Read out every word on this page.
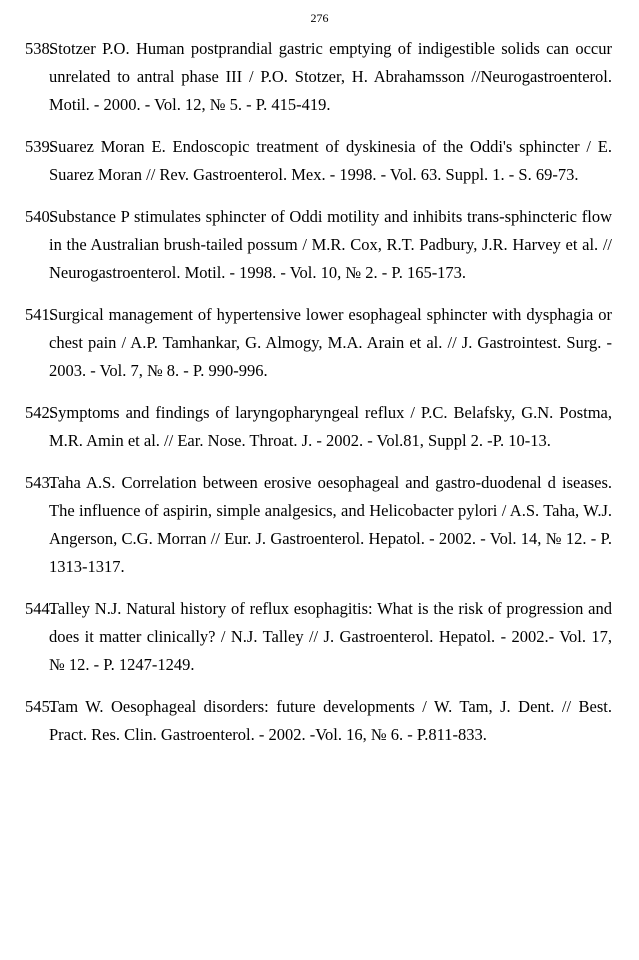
276
538.
Stotzer P.O. Human postprandial gastric emptying of indigestible solids can occur unrelated to antral phase III / P.O. Stotzer, H. Abrahamsson //Neurogastroenterol. Motil. - 2000. - Vol. 12, № 5. - P. 415-419.
539.
Suarez Moran E. Endoscopic treatment of dyskinesia of the Oddi's sphincter / E. Suarez Moran // Rev. Gastroenterol. Mex. - 1998. - Vol. 63. Suppl. 1. - S. 69-73.
540.
Substance P stimulates sphincter of Oddi motility and inhibits trans-sphincteric flow in the Australian brush-tailed possum / M.R. Cox, R.T. Padbury, J.R. Harvey et al. // Neurogastroenterol. Motil. - 1998. - Vol. 10, № 2. - P. 165-173.
541.
Surgical management of hypertensive lower esophageal sphincter with dysphagia or chest pain / A.P. Tamhankar, G. Almogy, M.A. Arain et al. // J. Gastrointest. Surg. - 2003. - Vol. 7, № 8. - P. 990-996.
542.
Symptoms and findings of laryngopharyngeal reflux / P.C. Belafsky, G.N. Postma, M.R. Amin et al. // Ear. Nose. Throat. J. - 2002. - Vol.81, Suppl 2. -P. 10-13.
543.
Taha A.S. Correlation between erosive oesophageal and gastro-duodenal d iseases. The influence of aspirin, simple analgesics, and Helicobacter pylori / A.S. Taha, W.J. Angerson, C.G. Morran // Eur. J. Gastroenterol. Hepatol. - 2002. - Vol. 14, № 12. - P. 1313-1317.
544.
Talley N.J. Natural history of reflux esophagitis: What is the risk of progression and does it matter clinically? / N.J. Talley // J. Gastroenterol. Hepatol. - 2002.- Vol. 17, № 12. - P. 1247-1249.
545.
Tam W. Oesophageal disorders: future developments / W. Tam, J. Dent. // Best. Pract. Res. Clin. Gastroenterol. - 2002. -Vol. 16, № 6. - P.811-833.
